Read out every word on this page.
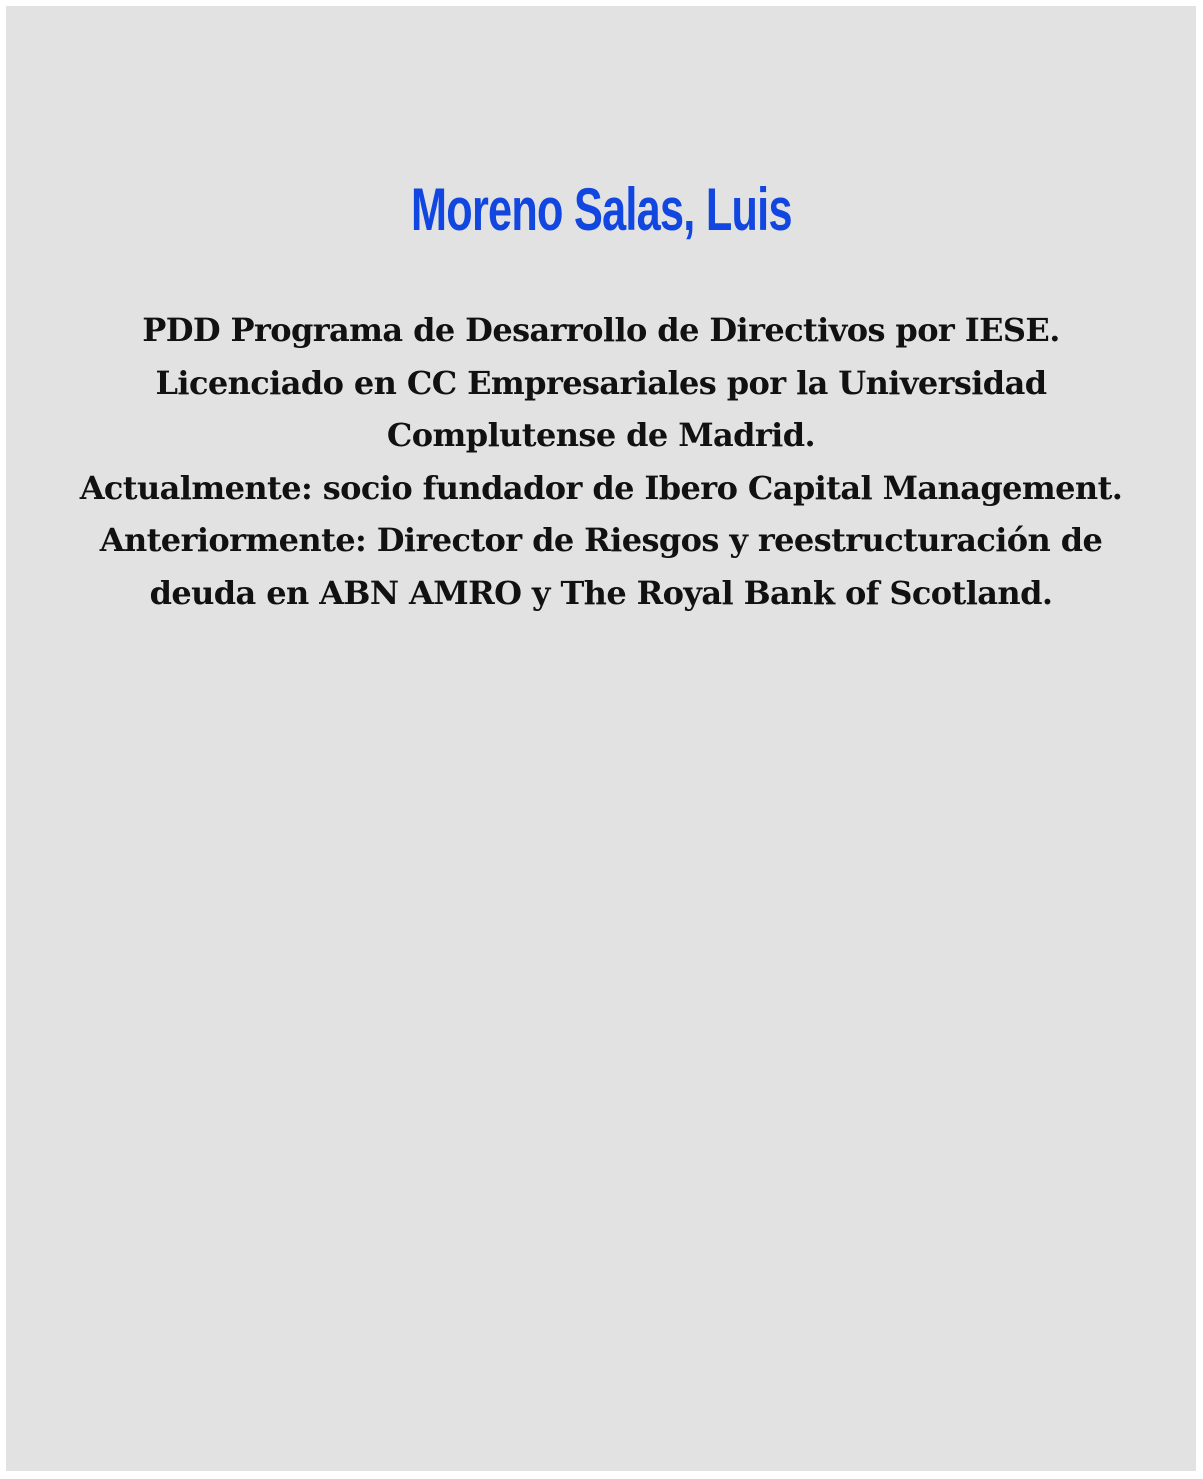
Moreno Salas, Luis
PDD Programa de Desarrollo de Directivos por IESE.
Licenciado en CC Empresariales por la Universidad
Complutense de Madrid.
Actualmente: socio fundador de Ibero Capital Management.
Anteriormente: Director de Riesgos y reestructuración de
deuda en ABN AMRO y The Royal Bank of Scotland.
